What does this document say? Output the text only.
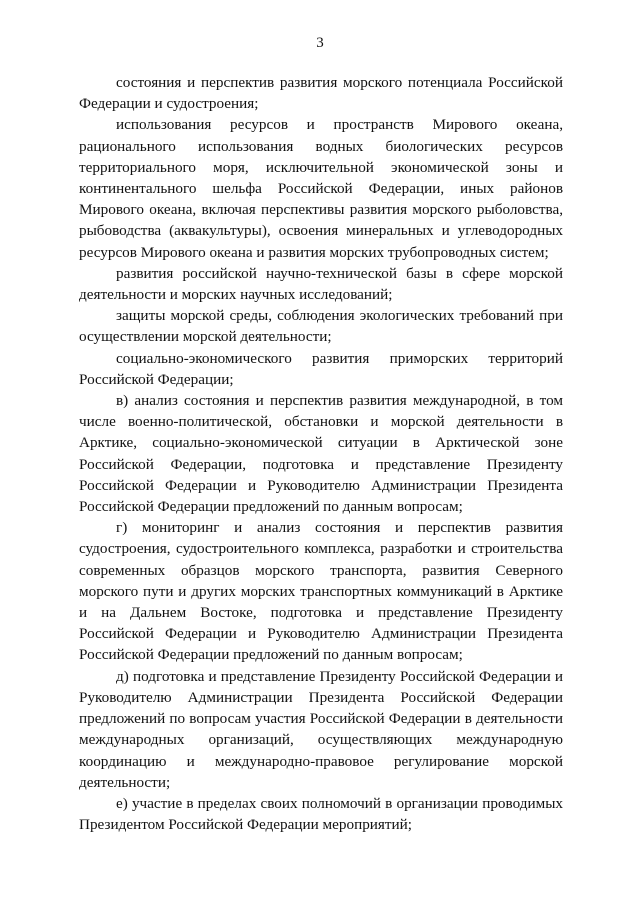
3

состояния и перспектив развития морского потенциала Российской Федерации и судостроения;

использования ресурсов и пространств Мирового океана, рационального использования водных биологических ресурсов территориального моря, исключительной экономической зоны и континентального шельфа Российской Федерации, иных районов Мирового океана, включая перспективы развития морского рыболовства, рыбоводства (аквакультуры), освоения минеральных и углеводородных ресурсов Мирового океана и развития морских трубопроводных систем;

развития российской научно-технической базы в сфере морской деятельности и морских научных исследований;

защиты морской среды, соблюдения экологических требований при осуществлении морской деятельности;

социально-экономического развития приморских территорий Российской Федерации;

в) анализ состояния и перспектив развития международной, в том числе военно-политической, обстановки и морской деятельности в Арктике, социально-экономической ситуации в Арктической зоне Российской Федерации, подготовка и представление Президенту Российской Федерации и Руководителю Администрации Президента Российской Федерации предложений по данным вопросам;

г) мониторинг и анализ состояния и перспектив развития судостроения, судостроительного комплекса, разработки и строительства современных образцов морского транспорта, развития Северного морского пути и других морских транспортных коммуникаций в Арктике и на Дальнем Востоке, подготовка и представление Президенту Российской Федерации и Руководителю Администрации Президента Российской Федерации предложений по данным вопросам;

д) подготовка и представление Президенту Российской Федерации и Руководителю Администрации Президента Российской Федерации предложений по вопросам участия Российской Федерации в деятельности международных организаций, осуществляющих международную координацию и международно-правовое регулирование морской деятельности;

е) участие в пределах своих полномочий в организации проводимых Президентом Российской Федерации мероприятий;
